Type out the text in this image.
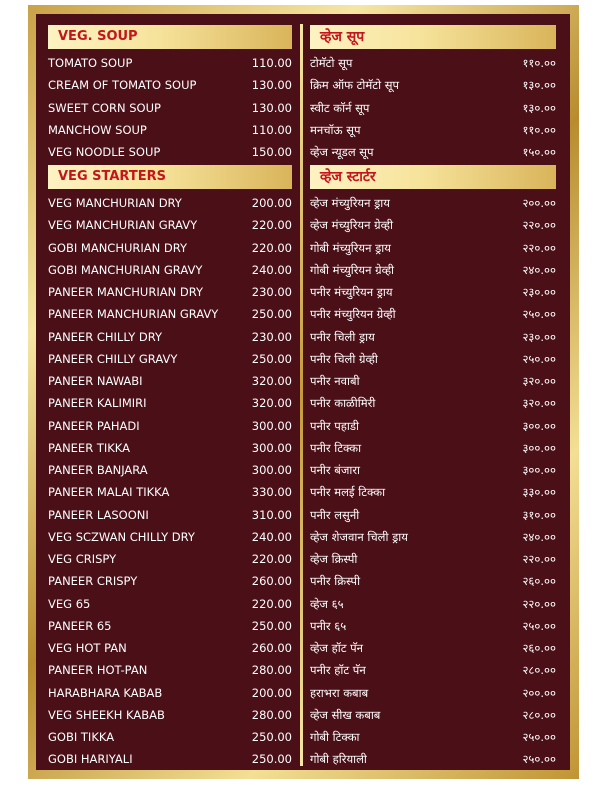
VEG. SOUP
TOMATO SOUP	110.00
CREAM OF TOMATO SOUP	130.00
SWEET CORN SOUP	130.00
MANCHOW SOUP	110.00
VEG NOODLE SOUP	150.00
VEG STARTERS
VEG MANCHURIAN DRY	200.00
VEG MANCHURIAN GRAVY	220.00
GOBI MANCHURIAN DRY	220.00
GOBI MANCHURIAN GRAVY	240.00
PANEER MANCHURIAN DRY	230.00
PANEER MANCHURIAN GRAVY	250.00
PANEER CHILLY DRY	230.00
PANEER CHILLY GRAVY	250.00
PANEER NAWABI	320.00
PANEER KALIMIRI	320.00
PANEER PAHADI	300.00
PANEER TIKKA	300.00
PANEER BANJARA	300.00
PANEER MALAI TIKKA	330.00
PANEER LASOONI	310.00
VEG SCZWAN CHILLY DRY	240.00
VEG CRISPY	220.00
PANEER CRISPY	260.00
VEG 65	220.00
PANEER 65	250.00
VEG HOT PAN	260.00
PANEER HOT-PAN	280.00
HARABHARA KABAB	200.00
VEG SHEEKH KABAB	280.00
GOBI TIKKA	250.00
GOBI HARIYALI	250.00
व्हेज सूप
टोमॅटो सूप	११०.००
क्रिम ऑफ टोमॅटो सूप	१३०.००
स्वीट कॉर्न सूप	१३०.००
मनचॉऊ सूप	११०.००
व्हेज न्यूडल सूप	१५०.००
व्हेज स्टार्टर
व्हेज मंच्युरियन ड्राय	२००.००
व्हेज मंच्युरियन ग्रेव्ही	२२०.००
गोबी मंच्युरियन ड्राय	२२०.००
गोबी मंच्युरियन ग्रेव्ही	२४०.००
पनीर मंच्युरियन ड्राय	२३०.००
पनीर मंच्युरियन ग्रेव्ही	२५०.००
पनीर चिली ड्राय	२३०.००
पनीर चिली ग्रेव्ही	२५०.००
पनीर नवाबी	३२०.००
पनीर काळीमिरी	३२०.००
पनीर पहाडी	३००.००
पनीर टिक्का	३००.००
पनीर बंजारा	३००.००
पनीर मलई टिक्का	३३०.००
पनीर लसुनी	३१०.००
व्हेज शेजवान चिली ड्राय	२४०.००
व्हेज क्रिस्पी	२२०.००
पनीर क्रिस्पी	२६०.००
व्हेज ६५	२२०.००
पनीर ६५	२५०.००
व्हेज हॉट पॅन	२६०.००
पनीर हॉट पॅन	२८०.००
हराभरा कबाब	२००.००
व्हेज सीख कबाब	२८०.००
गोबी टिक्का	२५०.००
गोबी हरियाली	२५०.००
